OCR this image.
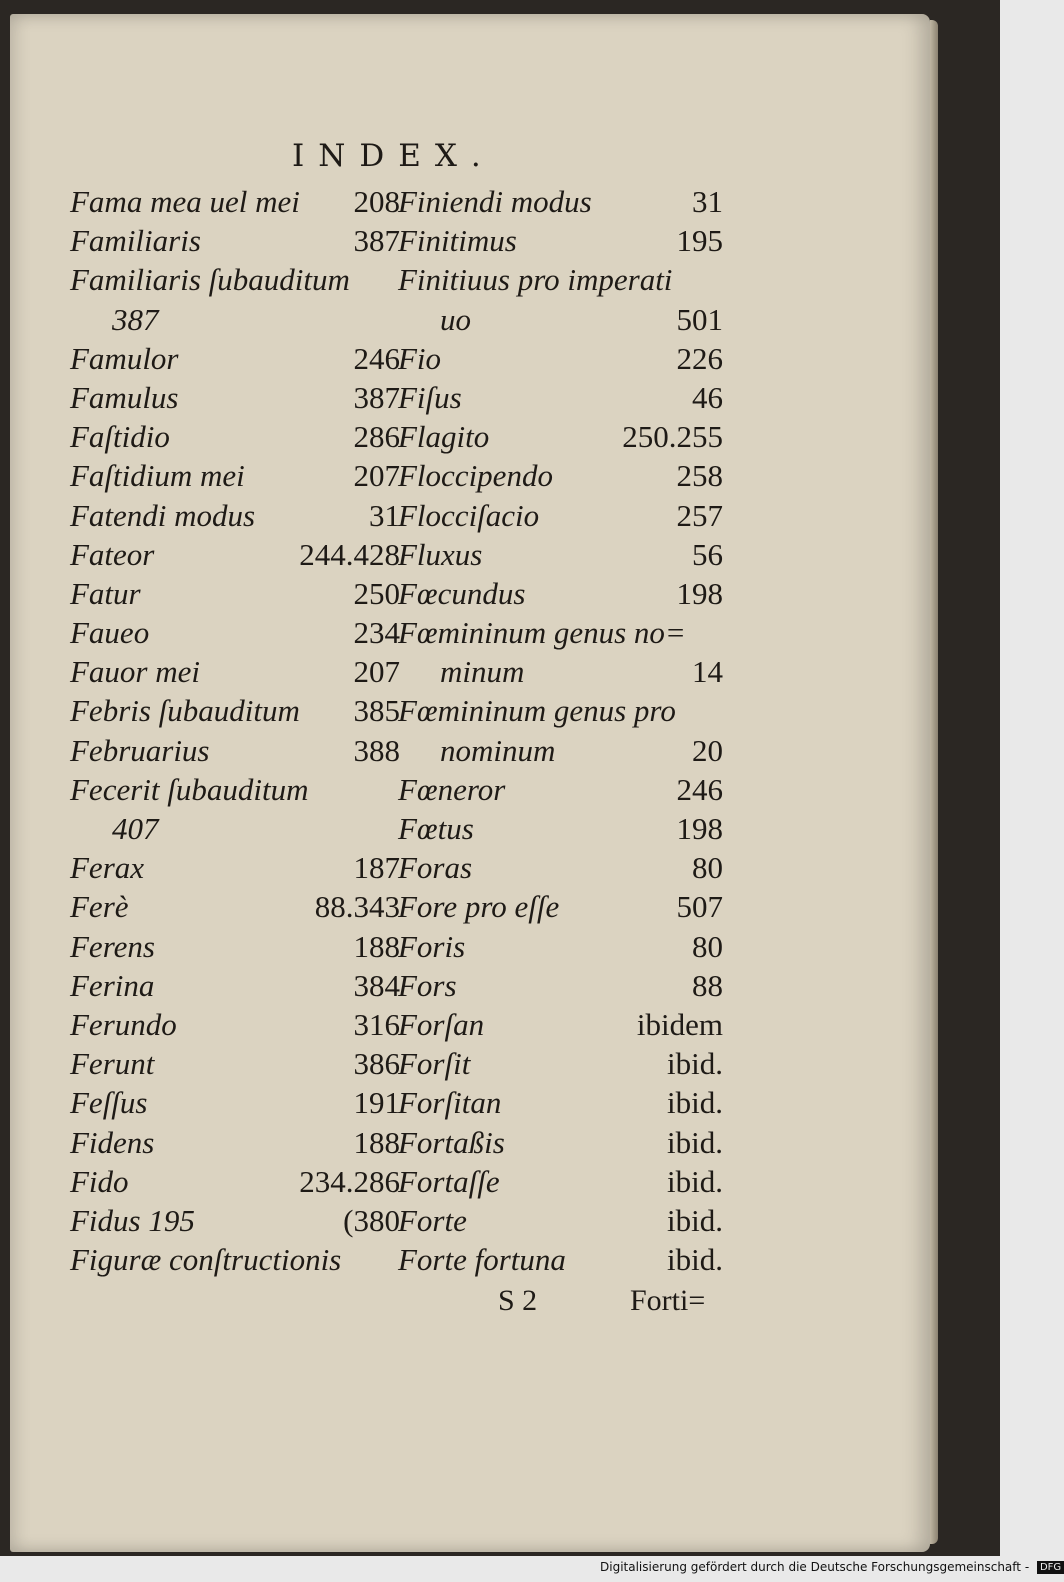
INDEX.
Fama mea uel mei 208
Familiaris	387
Familiaris ſubauditum
387
Famulor	246
Famulus	387
Faſtidio	286
Faſtidium mei	207
Fatendi modus	31
Fateor	244.428
Fatur	250
Faueo	234
Fauor mei	207
Febris ſubauditum 385
Februarius	388
Fecerit ſubauditum
407
Ferax	187
Ferè	88.343
Ferens	188
Ferina	384
Ferundo	316
Ferunt	386
Feſſus	191
Fidens	188
Fido	234.286
Fidus 195	(380
Figuræ conſtructionis
Finiendi modus	31
Finitimus	195
Finitiuus pro imperati
uo	501
Fio	226
Fiſus	46
Flagito	250.255
Floccipendo	258
Flocciſacio	257
Fluxus	56
Fœcundus	198
Fœmininum genus no=
minum	14
Fœmininum genus pro
nominum	20
Fœneror	246
Fœtus	198
Foras	80
Fore pro eſſe	507
Foris	80
Fors	88
Forſan	ibidem
Forſit	ibid.
Forſitan	ibid.
Fortaßis	ibid.
Fortaſſe	ibid.
Forte	ibid.
Forte fortuna	ibid.
S 2	Forti=
Digitalisierung gefördert durch die Deutsche Forschungsgemeinschaft - DFG
